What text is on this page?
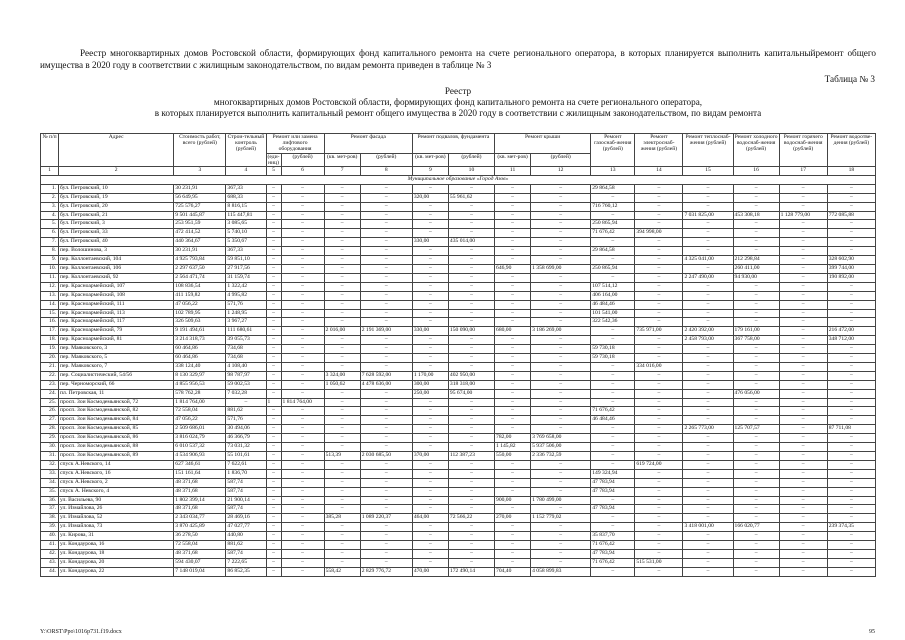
Реестр многоквартирных домов Ростовской области, формирующих фонд капитального ремонта на счете регионального оператора, в которых планируется выполнить капитальныйремонт общего имущества в 2020 году в соответствии с жилищным законодательством, по видам ремонта приведен в таблице № 3
Таблица № 3
Реестр
многоквартирных домов Ростовской области, формирующих фонд капитального ремонта на счете регионального оператора,
в которых планируется выполнить капитальный ремонт общего имущества в 2020 году в соответствии с жилищным законодательством, по видам ремонта
№ п/п	Адрес	Стоимость работ, всего (рублей)	Строи-тельный контроль (рублей)	Ремонт или замена лифтового оборудования		Ремонт фасада		Ремонт подвалов, фундамента		Ремонт крыши		Ремонт газоснаб-жения (рублей)	Ремонт электроснаб-жения (рублей)	Ремонт теплоснаб-жения (рублей)	Ремонт холодного водоснаб-жения (рублей)	Ремонт горячего водоснаб-жения (рублей)	Ремонт водоотве-дения (рублей)
				(еди-ниц)	(рублей)	(кв. мет-ров)	(рублей)	(кв. мет-ров)	(рублей)	(кв. мет-ров)	(рублей)						
1	2	3	4	5	6	7	8	9	10	11	12	13	14	15	16	17	18
Муниципальное образование «Город Азов»																	
1.	бул. Петровский, 10	30 231,91	367,33	–	–	–	–	–	–	–	–	29 864,58	–	–	–	–	–
2.	бул. Петровский, 19	56 649,95	688,33	–	–	–	–	320,00	55 961,62	–	–	–	–	–	–	–	–
3.	бул. Петровский, 20	725 576,27	8 816,15	–	–	–	–	–	–	–	–	716 760,12	–	–	–	–	–
4.	бул. Петровский, 21	9 501 445,87	115 447,81	–	–	–	–	–	–	–	–	–	–	7 031 825,00	453 308,18	1 128 779,00	772 085,88
5.	бул. Петровский, 3	253 951,59	3 085,65	–	–	–	–	–	–	–	–	250 865,94	–	–	–	–	–
6.	бул. Петровский, 33	472 414,52	5 740,10	–	–	–	–	–	–	–	–	71 676,42	394 998,00	–	–	–	–
7.	бул. Петровский, 40	440 364,67	5 350,67	–	–	–	–	330,00	435 014,00	–	–	–	–	–	–	–	–
8.	пер. Волошинова, 3	30 231,91	367,33	–	–	–	–	–	–	–	–	29 864,58	–	–	–	–	–
9.	пер. Коллонтаевский, 104	4 925 793,84	59 851,10	–	–	–	–	–	–	–	–	–	–	4 325 041,00	212 298,84	–	328 602,90
10.	пер. Коллонтаевский, 106	2 297 637,50	27 917,56	–	–	–	–	–	–	646,90	1 358 699,00	250 865,94	–	–	260 411,00	–	399 744,00
11.	пер. Коллонтаевский, 92	2 564 471,74	31 159,74	–	–	–	–	–	–	–	–	–	–	2 247 490,00	94 930,00	–	190 892,00
12.	пер. Красноармейский, 107	108 836,54	1 322,42	–	–	–	–	–	–	–	–	107 514,12	–	–	–	–	–
13.	пер. Красноармейский, 108	411 159,82	4 995,82	–	–	–	–	–	–	–	–	406 164,00	–	–	–	–	–
14.	пер. Красноармейский, 111	47 056,22	571,76	–	–	–	–	–	–	–	–	46 484,46	–	–	–	–	–
15.	пер. Красноармейский, 113	102 789,95	1 248,95	–	–	–	–	–	–	–	–	101 541,00	–	–	–	–	–
16.	пер. Красноармейский, 117	326 509,63	3 967,27	–	–	–	–	–	–	–	–	322 542,36	–	–	–	–	–
17.	пер. Красноармейский, 79	9 191 494,61	111 680,61	–	–	2 016,00	2 191 369,00	330,00	150 090,00	680,00	3 186 269,00	–	735 971,00	2 420 392,00	179 161,00	–	216 472,00
18.	пер. Красноармейский, 81	3 214 318,73	39 055,73	–	–	–	–	–	–	–	–	–	–	2 458 793,00	367 758,00	–	348 712,00
19.	пер. Маяковского, 3	60 464,86	734,68	–	–	–	–	–	–	–	–	59 730,18	–	–	–	–	–
20.	пер. Маяковского, 5	60 464,86	734,68	–	–	–	–	–	–	–	–	59 730,18	–	–	–	–	–
21.	пер. Маяковского, 7	338 124,40	4 108,40	–	–	–	–	–	–	–	–	–	334 016,00	–	–	–	–
22.	пер. Социалистический, 54/56	8 130 329,97	98 787,97	–	–	3 324,00	7 628 592,00	1 170,00	402 950,00	–	–	–	–	–	–	–	–
23.	пер. Черноморский, 66	4 855 956,53	59 002,53	–	–	1 050,62	4 478 636,00	300,00	318 318,00	–	–	–	–	–	–	–	–
24.	пл. Петровская, 11	578 762,28	7 032,28	–	–	–	–	250,00	95 674,00	–	–	–	–	–	476 056,00	–	–
25.	просп. Зои Космодемьянской, 72	1 814 764,00	–	1	1 814 764,00	–	–	–	–	–	–	–	–	–	–	–	–
26.	просп. Зои Космодемьянской, 82	72 558,04	881,62	–	–	–	–	–	–	–	–	71 676,42	–	–	–	–	–
27.	просп. Зои Космодемьянской, 84	47 056,22	571,76	–	–	–	–	–	–	–	–	46 484,46	–	–	–	–	–
28.	просп. Зои Космодемьянской, 85	2 509 686,01	30 494,06	–	–	–	–	–	–	–	–	–	–	2 265 773,00	125 707,57	–	87 711,08
29.	просп. Зои Космодемьянской, 86	3 816 024,79	46 366,79	–	–	–	–	–	–	782,00	3 769 658,00	–	–	–	–	–	–
30.	просп. Зои Космодемьянской, 88	6 010 537,32	73 031,32	–	–	–	–	–	–	1 145,82	5 937 506,00	–	–	–	–	–	–
31.	просп. Зои Космодемьянской, 89	4 534 906,93	55 101,61	–	–	513,39	2 030 685,50	370,00	112 387,23	550,00	2 336 732,59	–	–	–	–	–	–
32.	спуск А.Невского, 14	627 346,61	7 622,61	–	–	–	–	–	–	–	–	–	619 724,00	–	–	–	–
33.	спуск А.Невского, 16	151 161,64	1 836,70	–	–	–	–	–	–	–	–	149 324,94	–	–	–	–	–
34.	спуск А.Невского, 2	48 371,68	587,74	–	–	–	–	–	–	–	–	47 783,94	–	–	–	–	–
35.	спуск А. Невского, 4	48 371,68	587,74	–	–	–	–	–	–	–	–	47 783,94	–	–	–	–	–
36.	ул. Васильева, 90	1 802 399,14	21 900,14	–	–	–	–	–	–	900,00	1 780 499,00	–	–	–	–	–	–
37.	ул. Измайлова, 26	48 371,68	587,74	–	–	–	–	–	–	–	–	47 783,94	–	–	–	–	–
38.	ул. Измайлова, 52	2 343 034,77	28 469,16	–	–	385,28	1 089 220,37	464,00	72 566,22	270,00	1 152 779,02	–	–	–	–	–	–
39.	ул. Измайлова, 73	3 870 425,89	47 027,77	–	–	–	–	–	–	–	–	–	–	3 418 001,00	166 020,77	–	239 374,35
40.	ул. Кирова, 31	36 278,50	440,80	–	–	–	–	–	–	–	–	35 837,70	–	–	–	–	–
41.	ул. Кондаурова, 16	72 558,04	881,62	–	–	–	–	–	–	–	–	71 676,42	–	–	–	–	–
42.	ул. Кондаурова, 18	48 371,68	587,74	–	–	–	–	–	–	–	–	47 783,94	–	–	–	–	–
43.	ул. Кондаурова, 20	594 430,07	7 222,65	–	–	–	–	–	–	–	–	71 676,42	515 531,00	–	–	–	–
44.	ул. Кондаурова, 22	7 148 019,04	86 852,35	–	–	558,42	2 829 776,72	470,00	172 490,14	704,40	4 058 899,83	–	–	–	–	–	–
Y:\ORST\Ppo\1016p731.f19.docx	95
